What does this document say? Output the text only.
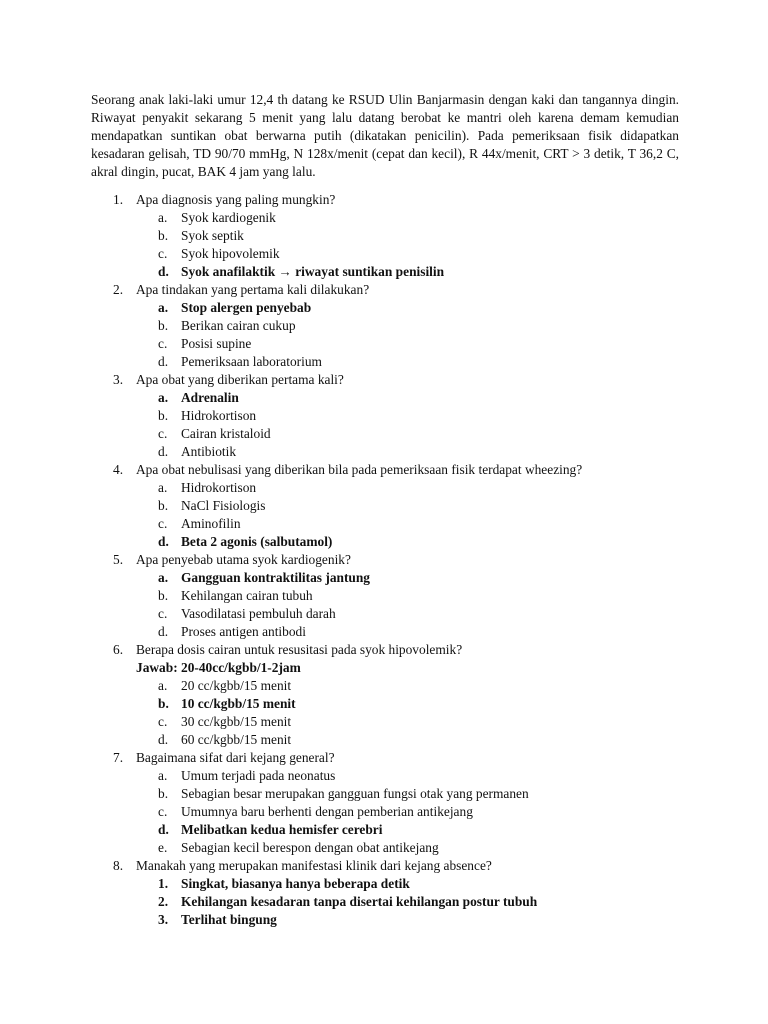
Seorang anak laki-laki umur 12,4 th datang ke RSUD Ulin Banjarmasin dengan kaki dan tangannya dingin. Riwayat penyakit sekarang 5 menit yang lalu datang berobat ke mantri oleh karena demam kemudian mendapatkan suntikan obat berwarna putih (dikatakan penicilin). Pada pemeriksaan fisik didapatkan kesadaran gelisah, TD 90/70 mmHg, N 128x/menit (cepat dan kecil), R 44x/menit, CRT > 3 detik, T 36,2 C, akral dingin, pucat, BAK 4 jam yang lalu.

1. Apa diagnosis yang paling mungkin?
a.	Syok kardiogenik
b. Syok septik
c.	Syok hipovolemik
d. Syok anafilaktik → riwayat suntikan penisilin
2. Apa tindakan yang pertama kali dilakukan?
a. Stop alergen penyebab
b. Berikan cairan cukup
c.	Posisi supine
d. Pemeriksaan laboratorium
3. Apa obat yang diberikan pertama kali?
a. Adrenalin
b. Hidrokortison
c.	Cairan kristaloid
d. Antibiotik
4. Apa obat nebulisasi yang diberikan bila pada pemeriksaan fisik terdapat wheezing?
a.	Hidrokortison
b. NaCl Fisiologis
c.	Aminofilin
d. Beta 2 agonis (salbutamol)
5. Apa penyebab utama syok kardiogenik?
a. Gangguan kontraktilitas jantung
b. Kehilangan cairan tubuh
c.	Vasodilatasi pembuluh darah
d. Proses antigen antibodi
6. Berapa dosis cairan untuk resusitasi pada syok hipovolemik?
Jawab: 20-40cc/kgbb/1-2jam
a.	20 cc/kgbb/15 menit
b. 10 cc/kgbb/15 menit
c.	30 cc/kgbb/15 menit
d. 60 cc/kgbb/15 menit
7. Bagaimana sifat dari kejang general?
a.	Umum terjadi pada neonatus
b. Sebagian besar merupakan gangguan fungsi otak yang permanen
c.	Umumnya baru berhenti dengan pemberian antikejang
d. Melibatkan kedua hemisfer cerebri
e.	Sebagian kecil berespon dengan obat antikejang
8. Manakah yang merupakan manifestasi klinik dari kejang absence?
1. Singkat, biasanya hanya beberapa detik
2. Kehilangan kesadaran tanpa disertai kehilangan postur tubuh
3. Terlihat bingung
